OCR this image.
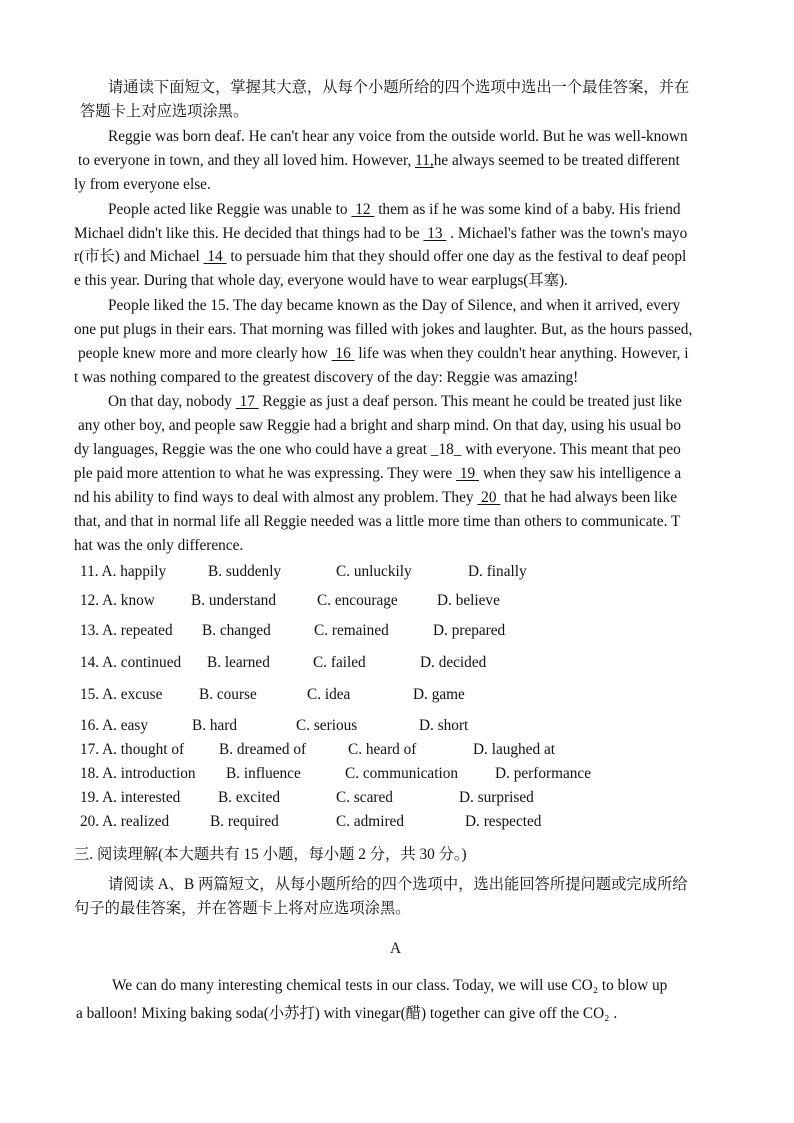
请通读下面短文，掌握其大意，从每个小题所给的四个选项中选出一个最佳答案，并在
答题卡上对应选项涂黑。
Reggie was born deaf. He can't hear any voice from the outside world. But he was well-known
to everyone in town, and they all loved him. However, 11,he always seemed to be treated different
ly from everyone else.
People acted like Reggie was unable to 12 them as if he was some kind of a baby. His friend
Michael didn't like this. He decided that things had to be 13 . Michael's father was the town's mayo
r(市长) and Michael 14 to persuade him that they should offer one day as the festival to deaf peopl
e this year. During that whole day, everyone would have to wear earplugs(耳塞).
People liked the 15. The day became known as the Day of Silence, and when it arrived, every
one put plugs in their ears. That morning was filled with jokes and laughter. But, as the hours passed,
people knew more and more clearly how 16 life was when they couldn't hear anything. However, i
t was nothing compared to the greatest discovery of the day: Reggie was amazing!
On that day, nobody 17 Reggie as just a deaf person. This meant he could be treated just like
any other boy, and people saw Reggie had a bright and sharp mind. On that day, using his usual bo
dy languages, Reggie was the one who could have a great _18_ with everyone. This meant that peo
ple paid more attention to what he was expressing. They were 19 when they saw his intelligence a
nd his ability to find ways to deal with almost any problem. They 20 that he had always been like
that, and that in normal life all Reggie needed was a little more time than others to communicate. T
hat was the only difference.
11. A. happily	B. suddenly	C. unluckily	D. finally
12. A. know B. understand	C. encourage	D. believe
13. A. repeated B. changed	C. remained	D. prepared
14. A. continued B. learned	C. failed	D. decided
15. A. excuse B. course	C. idea	D. game
16. A. easy	B. hard	C. serious	D. short
17. A. thought of B. dreamed of	C. heard of	D. laughed at
18. A. introduction B. influence	C. communication D. performance
19. A. interested B. excited	C. scared	D. surprised
20. A. realized	B. required	C. admired	D. respected
三. 阅读理解(本大题共有 15 小题，每小题 2 分，共 30 分。)
请阅读 A、B 两篇短文，从每小题所给的四个选项中，选出能回答所提问题或完成所给
句子的最佳答案，并在答题卡上将对应选项涂黑。
A
We can do many interesting chemical tests in our class. Today, we will use CO₂ to blow up
a balloon! Mixing baking soda(小苏打) with vinegar(醋) together can give off the CO₂ .
